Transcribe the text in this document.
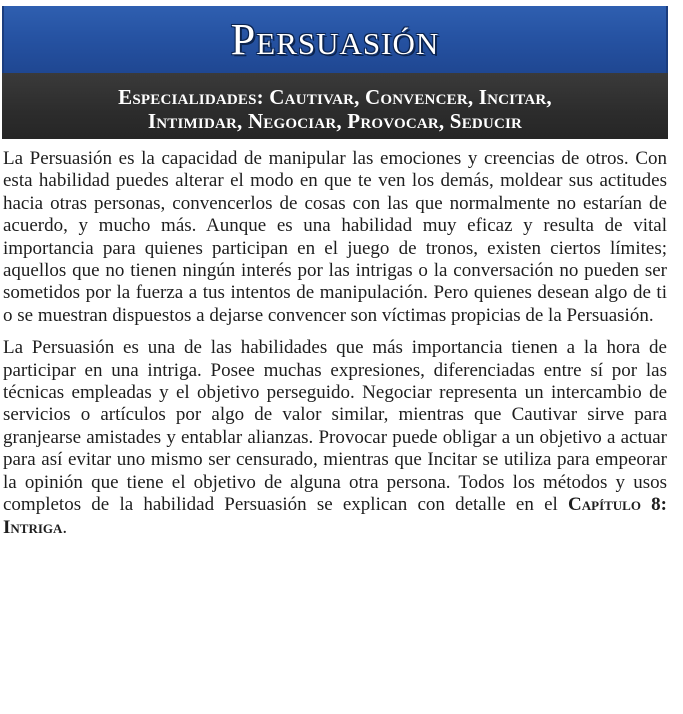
Persuasión
Especialidades: Cautivar, Convencer, Incitar,
Intimidar, Negociar, Provocar, Seducir

La Persuasión es la capacidad de manipular las emociones y creencias de otros. Con esta habilidad puedes alterar el modo en que te ven los demás, moldear sus actitudes hacia otras personas, convencerlos de cosas con las que normalmente no estarían de acuerdo, y mucho más. Aunque es una habilidad muy eficaz y resulta de vital importancia para quienes participan en el juego de tronos, existen ciertos límites; aquellos que no tienen ningún interés por las intrigas o la conversación no pueden ser sometidos por la fuerza a tus intentos de manipulación. Pero quienes desean algo de ti o se muestran dispuestos a dejarse convencer son víctimas propicias de la Persuasión.

La Persuasión es una de las habilidades que más importancia tienen a la hora de participar en una intriga. Posee muchas expresiones, diferenciadas entre sí por las técnicas empleadas y el objetivo perseguido. Negociar representa un intercambio de servicios o artículos por algo de valor similar, mientras que Cautivar sirve para granjearse amistades y entablar alianzas. Provocar puede obligar a un objetivo a actuar para así evitar uno mismo ser censurado, mientras que Incitar se utiliza para empeorar la opinión que tiene el objetivo de alguna otra persona. Todos los métodos y usos completos de la habilidad Persuasión se explican con detalle en el Capítulo 8: Intriga.
